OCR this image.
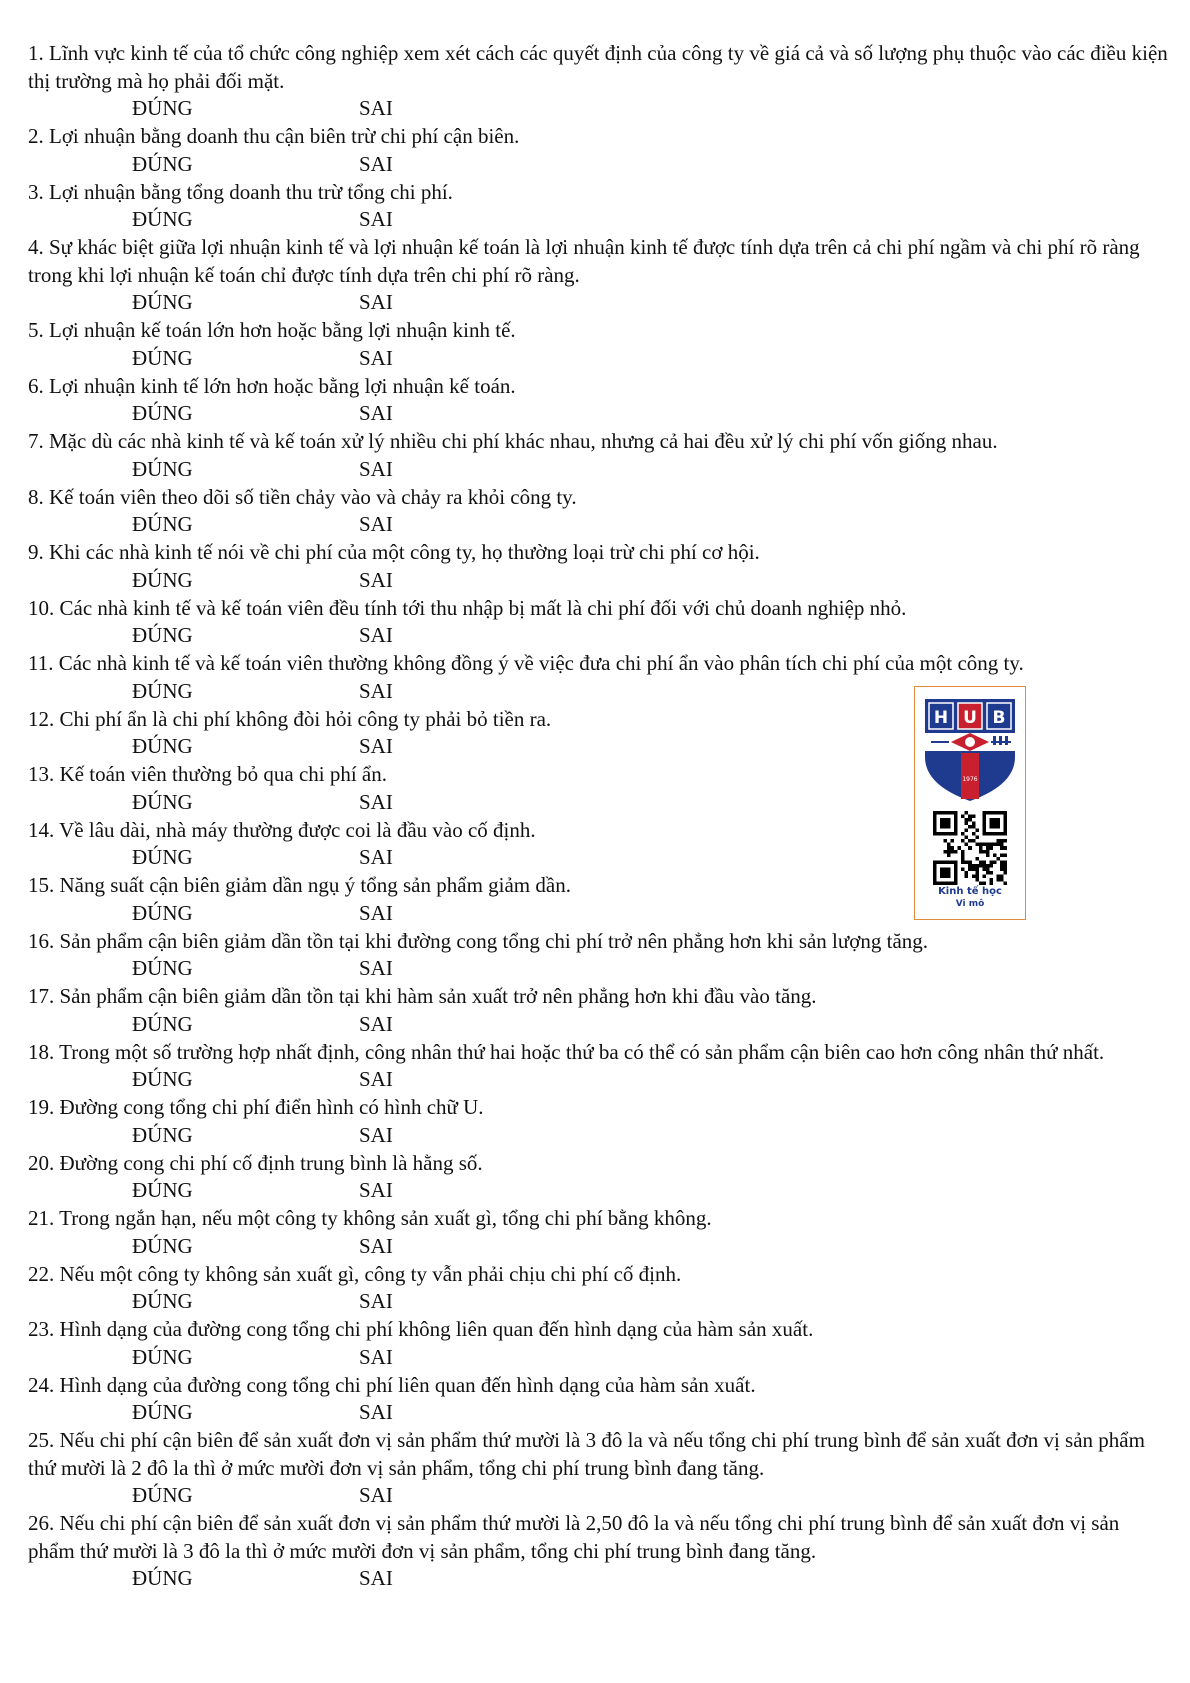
1. Lĩnh vực kinh tế của tổ chức công nghiệp xem xét cách các quyết định của công ty về giá cả và số lượng phụ thuộc vào các điều kiện thị trường mà họ phải đối mặt.

ĐÚNG	SAI

2. Lợi nhuận bằng doanh thu cận biên trừ chi phí cận biên.

ĐÚNG	SAI

3. Lợi nhuận bằng tổng doanh thu trừ tổng chi phí.

ĐÚNG	SAI

4. Sự khác biệt giữa lợi nhuận kinh tế và lợi nhuận kế toán là lợi nhuận kinh tế được tính dựa trên cả chi phí ngầm và chi phí rõ ràng trong khi lợi nhuận kế toán chỉ được tính dựa trên chi phí rõ ràng.

ĐÚNG	SAI

5. Lợi nhuận kế toán lớn hơn hoặc bằng lợi nhuận kinh tế.

ĐÚNG	SAI

6. Lợi nhuận kinh tế lớn hơn hoặc bằng lợi nhuận kế toán.

ĐÚNG	SAI

7. Mặc dù các nhà kinh tế và kế toán xử lý nhiều chi phí khác nhau, nhưng cả hai đều xử lý chi phí vốn giống nhau.

ĐÚNG	SAI

8. Kế toán viên theo dõi số tiền chảy vào và chảy ra khỏi công ty.

ĐÚNG	SAI

9. Khi các nhà kinh tế nói về chi phí của một công ty, họ thường loại trừ chi phí cơ hội.

ĐÚNG	SAI

10. Các nhà kinh tế và kế toán viên đều tính tới thu nhập bị mất là chi phí đối với chủ doanh nghiệp nhỏ.

ĐÚNG	SAI

11. Các nhà kinh tế và kế toán viên thường không đồng ý về việc đưa chi phí ẩn vào phân tích chi phí của một công ty.

ĐÚNG	SAI

12. Chi phí ẩn là chi phí không đòi hỏi công ty phải bỏ tiền ra.

ĐÚNG	SAI

13. Kế toán viên thường bỏ qua chi phí ẩn.

ĐÚNG	SAI

14. Về lâu dài, nhà máy thường được coi là đầu vào cố định.

ĐÚNG	SAI

15. Năng suất cận biên giảm dần ngụ ý tổng sản phẩm giảm dần.

ĐÚNG	SAI

16. Sản phẩm cận biên giảm dần tồn tại khi đường cong tổng chi phí trở nên phẳng hơn khi sản lượng tăng.

ĐÚNG	SAI

17. Sản phẩm cận biên giảm dần tồn tại khi hàm sản xuất trở nên phẳng hơn khi đầu vào tăng.

ĐÚNG	SAI

18. Trong một số trường hợp nhất định, công nhân thứ hai hoặc thứ ba có thể có sản phẩm cận biên cao hơn công nhân thứ nhất.

ĐÚNG	SAI

19. Đường cong tổng chi phí điển hình có hình chữ U.

ĐÚNG	SAI

20. Đường cong chi phí cố định trung bình là hằng số.

ĐÚNG	SAI

21. Trong ngắn hạn, nếu một công ty không sản xuất gì, tổng chi phí bằng không.

ĐÚNG	SAI

22. Nếu một công ty không sản xuất gì, công ty vẫn phải chịu chi phí cố định.

ĐÚNG	SAI

23. Hình dạng của đường cong tổng chi phí không liên quan đến hình dạng của hàm sản xuất.

ĐÚNG	SAI

24. Hình dạng của đường cong tổng chi phí liên quan đến hình dạng của hàm sản xuất.

ĐÚNG	SAI

25. Nếu chi phí cận biên để sản xuất đơn vị sản phẩm thứ mười là 3 đô la và nếu tổng chi phí trung bình để sản xuất đơn vị sản phẩm thứ mười là 2 đô la thì ở mức mười đơn vị sản phẩm, tổng chi phí trung bình đang tăng.

ĐÚNG	SAI

26. Nếu chi phí cận biên để sản xuất đơn vị sản phẩm thứ mười là 2,50 đô la và nếu tổng chi phí trung bình để sản xuất đơn vị sản phẩm thứ mười là 3 đô la thì ở mức mười đơn vị sản phẩm, tổng chi phí trung bình đang tăng.

ĐÚNG	SAI
H U B
1976
Kinh tế học
Vi mô
